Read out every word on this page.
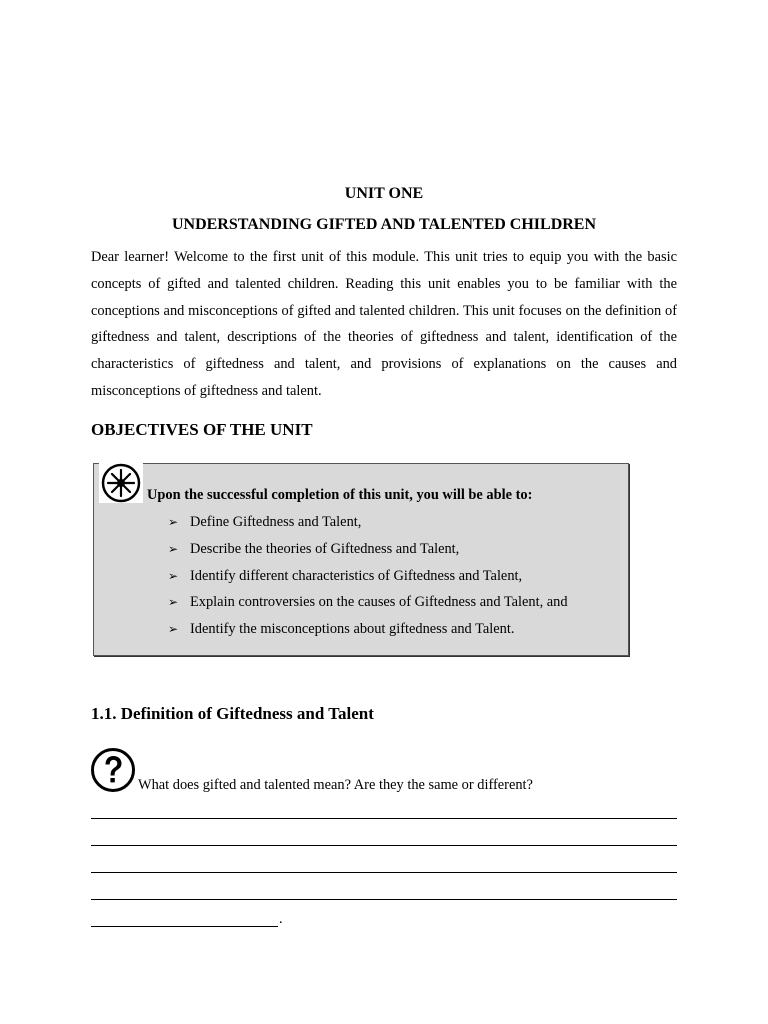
UNIT ONE
UNDERSTANDING GIFTED AND TALENTED CHILDREN

Dear learner! Welcome to the first unit of this module. This unit tries to equip you with the basic concepts of gifted and talented children. Reading this unit enables you to be familiar with the conceptions and misconceptions of gifted and talented children. This unit focuses on the definition of giftedness and talent, descriptions of the theories of giftedness and talent, identification of the characteristics of giftedness and talent, and provisions of explanations on the causes and misconceptions of giftedness and talent.

OBJECTIVES OF THE UNIT
Upon the successful completion of this unit, you will be able to:
➢ Define Giftedness and Talent,
➢ Describe the theories of Giftedness and Talent,
➢ Identify different characteristics of Giftedness and Talent,
➢ Explain controversies on the causes of Giftedness and Talent, and
➢ Identify the misconceptions about giftedness and Talent.
1.1. Definition of Giftedness and Talent
What does gifted and talented mean? Are they the same or different?
.
